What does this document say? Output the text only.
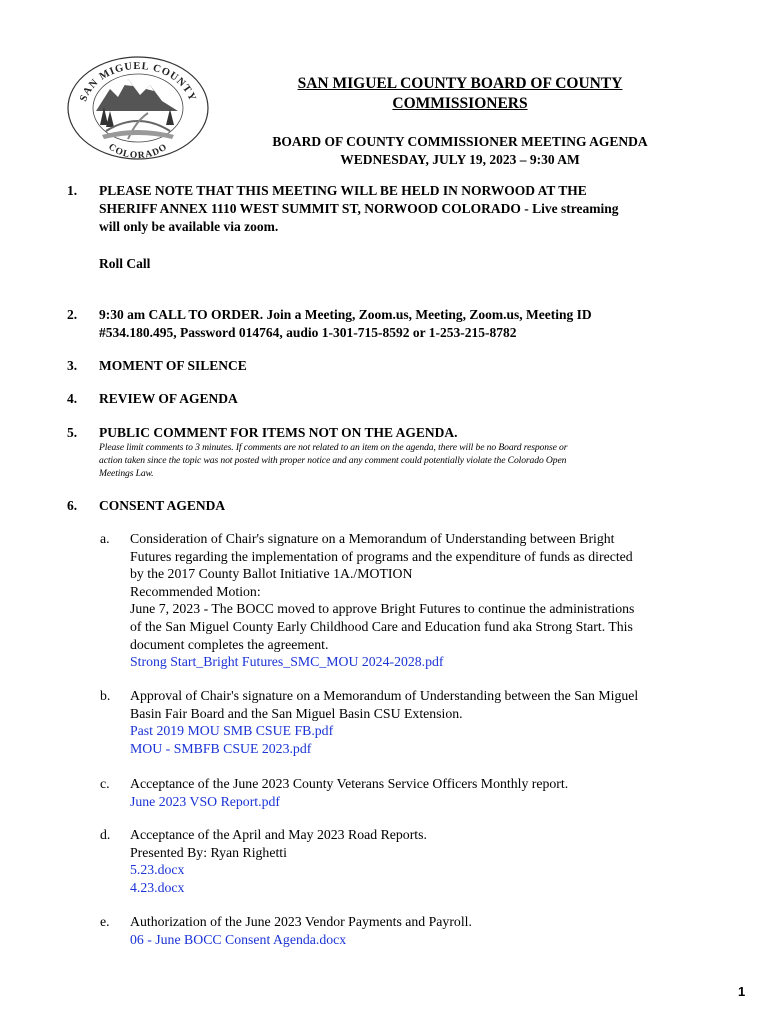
SAN MIGUEL COUNTY
COLORADO
SAN MIGUEL COUNTY BOARD OF COUNTY
COMMISSIONERS
BOARD OF COUNTY COMMISSIONER MEETING AGENDA
WEDNESDAY, JULY 19, 2023 – 9:30 AM
1. PLEASE NOTE THAT THIS MEETING WILL BE HELD IN NORWOOD AT THE
SHERIFF ANNEX 1110 WEST SUMMIT ST, NORWOOD COLORADO - Live streaming
will only be available via zoom.
Roll Call
2. 9:30 am CALL TO ORDER. Join a Meeting, Zoom.us, Meeting, Zoom.us, Meeting ID
#534.180.495, Password 014764, audio 1-301-715-8592 or 1-253-215-8782
3. MOMENT OF SILENCE
4. REVIEW OF AGENDA
5. PUBLIC COMMENT FOR ITEMS NOT ON THE AGENDA.
Please limit comments to 3 minutes. If comments are not related to an item on the agenda, there will be no Board response or
action taken since the topic was not posted with proper notice and any comment could potentially violate the Colorado Open
Meetings Law.
6. CONSENT AGENDA
a. Consideration of Chair's signature on a Memorandum of Understanding between Bright
Futures regarding the implementation of programs and the expenditure of funds as directed
by the 2017 County Ballot Initiative 1A./MOTION
Recommended Motion:
June 7, 2023 - The BOCC moved to approve Bright Futures to continue the administrations
of the San Miguel County Early Childhood Care and Education fund aka Strong Start. This
document completes the agreement.
Strong Start_Bright Futures_SMC_MOU 2024-2028.pdf
b. Approval of Chair's signature on a Memorandum of Understanding between the San Miguel
Basin Fair Board and the San Miguel Basin CSU Extension.
Past 2019 MOU SMB CSUE FB.pdf
MOU - SMBFB CSUE 2023.pdf
c. Acceptance of the June 2023 County Veterans Service Officers Monthly report.
June 2023 VSO Report.pdf
d. Acceptance of the April and May 2023 Road Reports.
Presented By: Ryan Righetti
5.23.docx
4.23.docx
e. Authorization of the June 2023 Vendor Payments and Payroll.
06 - June BOCC Consent Agenda.docx
1
